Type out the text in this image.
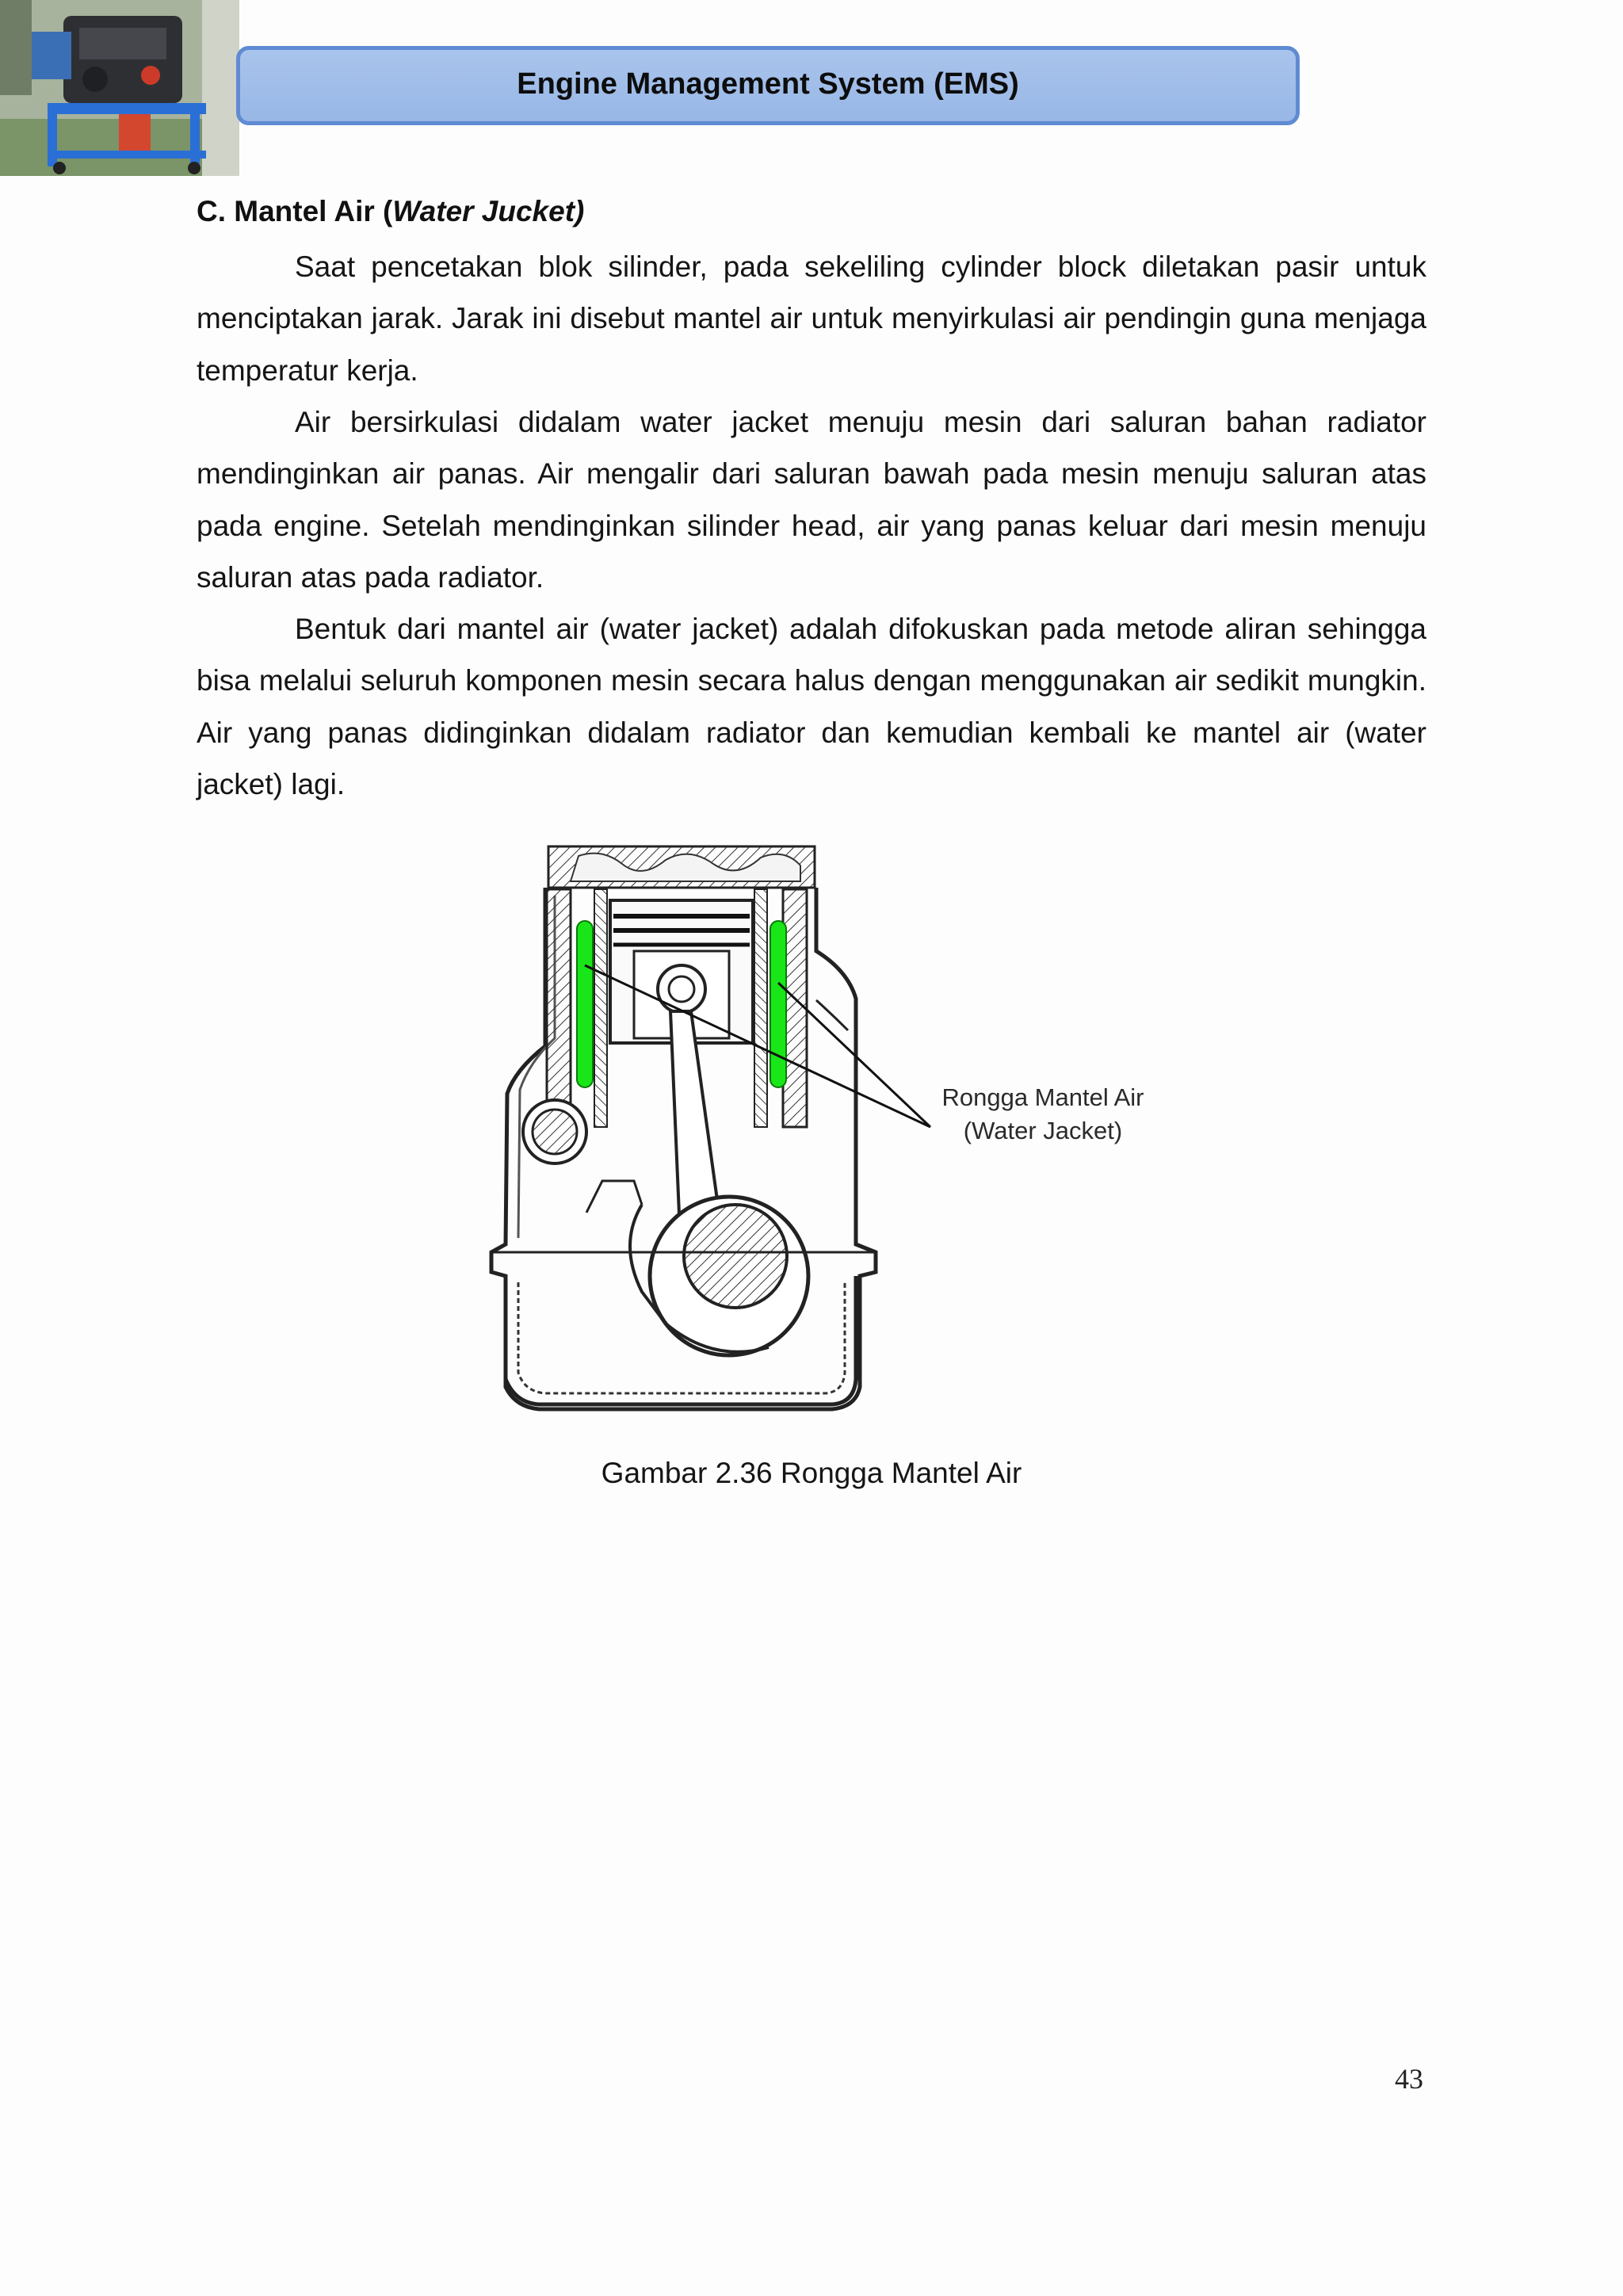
Engine Management System (EMS)
C. Mantel Air (Water Jucket)

Saat pencetakan blok silinder, pada sekeliling cylinder block diletakan pasir untuk menciptakan jarak. Jarak ini disebut mantel air untuk menyirkulasi air pendingin guna menjaga temperatur kerja.

Air bersirkulasi didalam water jacket menuju mesin dari saluran bahan radiator mendinginkan air panas. Air mengalir dari saluran bawah pada mesin menuju saluran atas pada engine. Setelah mendinginkan silinder head, air yang panas keluar dari mesin menuju saluran atas pada radiator.

Bentuk dari mantel air (water jacket) adalah difokuskan pada metode aliran sehingga bisa melalui seluruh komponen mesin secara halus dengan menggunakan air sedikit mungkin. Air yang panas didinginkan didalam radiator dan kemudian kembali ke mantel air (water jacket) lagi.

Rongga Mantel Air
(Water Jacket)
Gambar 2.36 Rongga Mantel Air
43
